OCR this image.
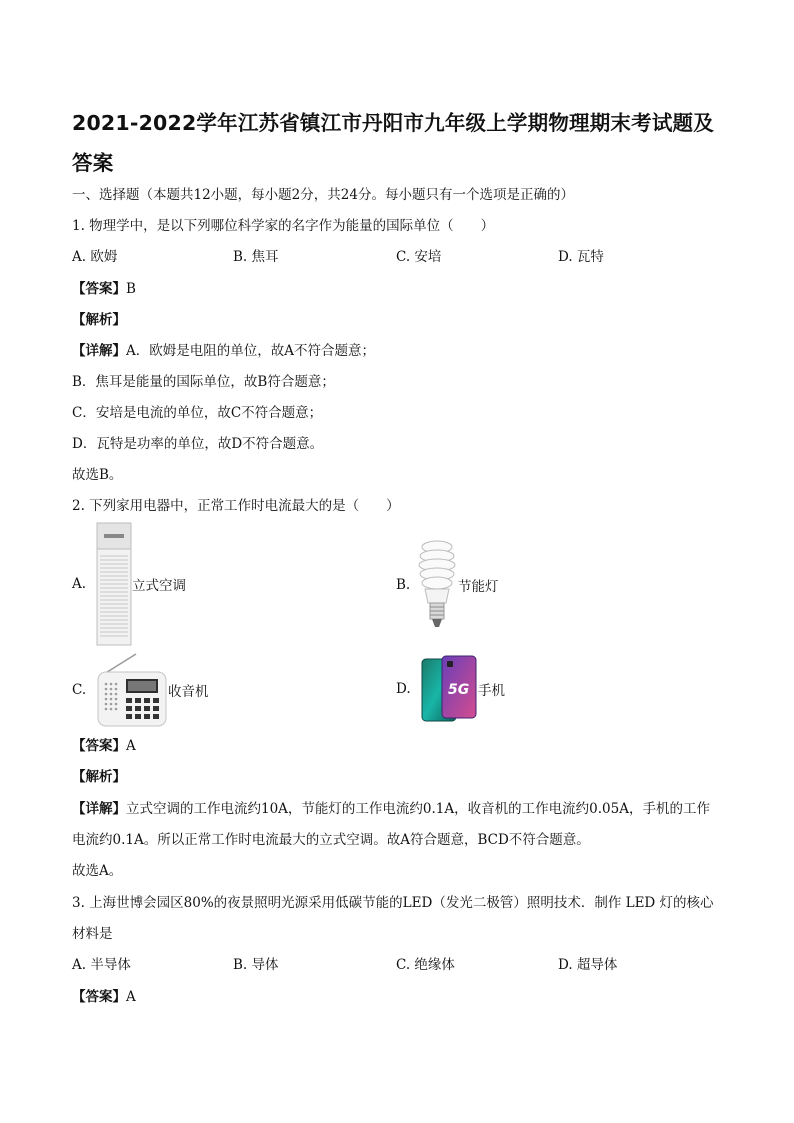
2021-2022学年江苏省镇江市丹阳市九年级上学期物理期末考试题及
答案
一、选择题（本题共12小题，每小题2分，共24分。每小题只有一个选项是正确的）
1. 物理学中，是以下列哪位科学家的名字作为能量的国际单位（　　）
A. 欧姆	B. 焦耳	C. 安培	D. 瓦特
【答案】B
【解析】
【详解】A．欧姆是电阻的单位，故A不符合题意；
B．焦耳是能量的国际单位，故B符合题意；
C．安培是电流的单位，故C不符合题意；
D．瓦特是功率的单位，故D不符合题意。
故选B。
2. 下列家用电器中，正常工作时电流最大的是（　　）
A.	立式空调	B.	节能灯
C.	收音机	D.	5G 手机
【答案】A
【解析】
【详解】立式空调的工作电流约10A，节能灯的工作电流约0.1A，收音机的工作电流约0.05A，手机的工作
电流约0.1A。所以正常工作时电流最大的立式空调。故A符合题意，BCD不符合题意。
故选A。
3. 上海世博会园区80%的夜景照明光源采用低碳节能的LED（发光二极管）照明技术．制作 LED 灯的核心
材料是
A. 半导体	B. 导体	C. 绝缘体	D. 超导体
【答案】A
